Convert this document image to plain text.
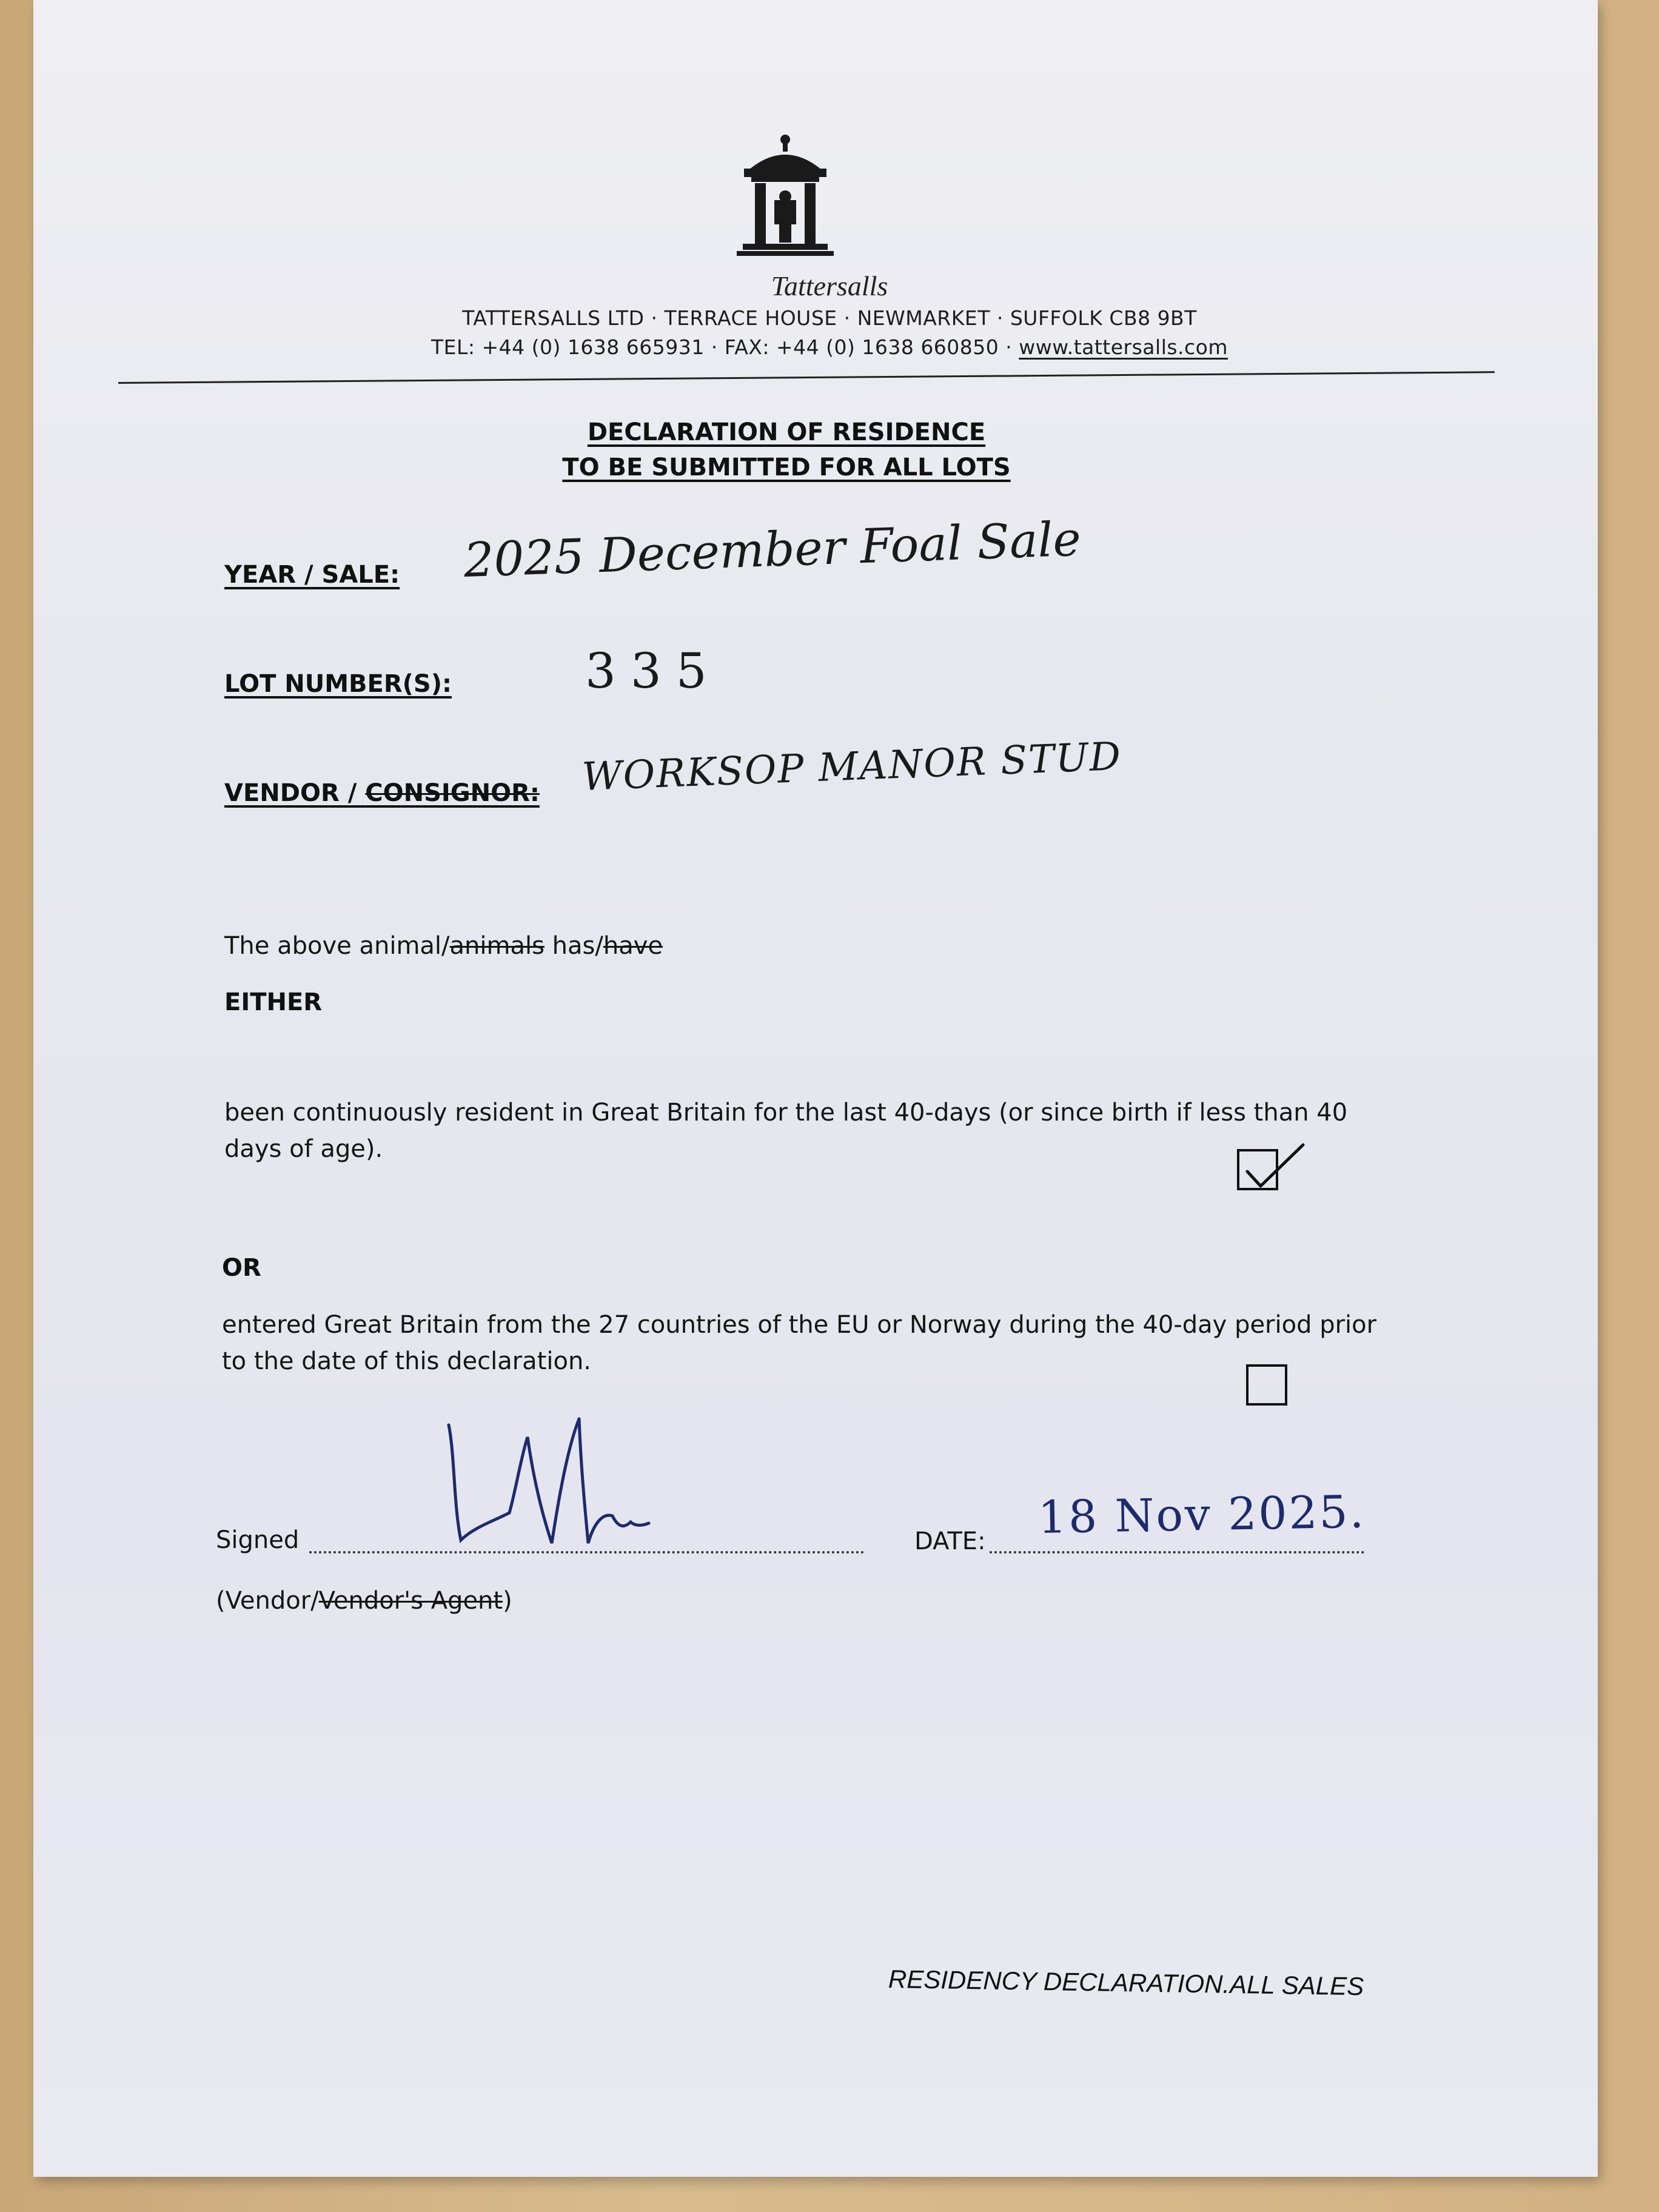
Tattersalls
TATTERSALLS LTD · TERRACE HOUSE · NEWMARKET · SUFFOLK CB8 9BT
TEL: +44 (0) 1638 665931 · FAX: +44 (0) 1638 660850 · www.tattersalls.com
DECLARATION OF RESIDENCE
TO BE SUBMITTED FOR ALL LOTS
YEAR / SALE: 2025 December Foal Sale
LOT NUMBER(S):	335
VENDOR / CONSIGNOR: WORKSOP MANOR STUD
The above animal/animals has/have
EITHER
been continuously resident in Great Britain for the last 40-days (or since birth if less than 40 days of age).
OR
entered Great Britain from the 27 countries of the EU or Norway during the 40-day period prior to the date of this declaration.
Signed	DATE: 18 Nov 2025.
(Vendor/Vendor's Agent)
RESIDENCY DECLARATION.ALL SALES
